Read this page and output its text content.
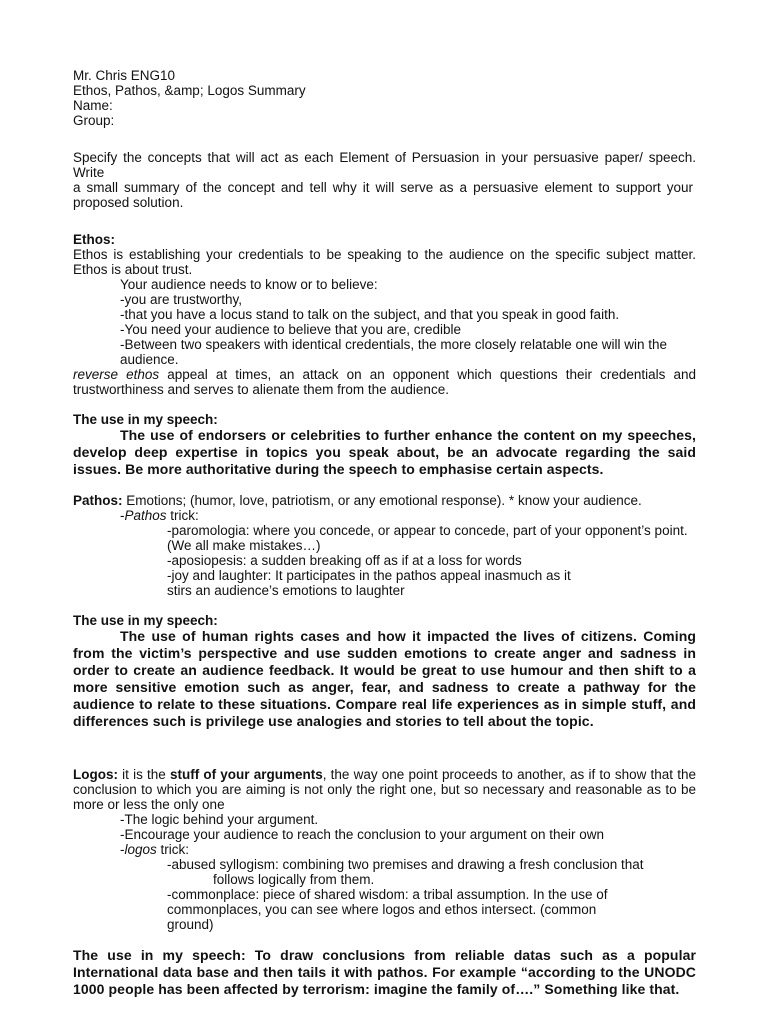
Mr. Chris ENG10

Ethos, Pathos, &amp; Logos Summary

Name:

Group:

Specify the concepts that will act as each Element of Persuasion in your persuasive paper/ speech. Write

a small summary of the concept and tell why it will serve as a persuasive element to support your proposed solution.

Ethos:

Ethos is establishing your credentials to be speaking to the audience on the specific subject matter. Ethos is about trust.

Your audience needs to know or to believe:

-you are trustworthy,

-that you have a locus stand to talk on the subject, and that you speak in good faith.

-You need your audience to believe that you are, credible

-Between two speakers with identical credentials, the more closely relatable one will win the audience.

reverse ethos appeal at times, an attack on an opponent which questions their credentials and trustworthiness and serves to alienate them from the audience.

The use in my speech:

The use of endorsers or celebrities to further enhance the content on my speeches, develop deep expertise in topics you speak about, be an advocate regarding the said issues. Be more authoritative during the speech to emphasise certain aspects.

Pathos: Emotions; (humor, love, patriotism, or any emotional response). * know your audience.

-Pathos trick:

-paromologia: where you concede, or appear to concede, part of your opponent’s point. (We all make mistakes…)

-aposiopesis: a sudden breaking off as if at a loss for words

-joy and laughter: It participates in the pathos appeal inasmuch as it stirs an audience’s emotions to laughter

The use in my speech:

The use of human rights cases and how it impacted the lives of citizens. Coming from the victim’s perspective and use sudden emotions to create anger and sadness in order to create an audience feedback. It would be great to use humour and then shift to a more sensitive emotion such as anger, fear, and sadness to create a pathway for the audience to relate to these situations. Compare real life experiences as in simple stuff, and differences such is privilege use analogies and stories to tell about the topic.

Logos: it is the stuff of your arguments, the way one point proceeds to another, as if to show that the conclusion to which you are aiming is not only the right one, but so necessary and reasonable as to be more or less the only one

-The logic behind your argument.

-Encourage your audience to reach the conclusion to your argument on their own

-logos trick:

-abused syllogism: combining two premises and drawing a fresh conclusion that

follows logically from them.

-commonplace: piece of shared wisdom: a tribal assumption. In the use of commonplaces, you can see where logos and ethos intersect. (common ground)

The use in my speech: To draw conclusions from reliable datas such as a popular International data base and then tails it with pathos. For example “according to the UNODC 1000 people has been affected by terrorism: imagine the family of….” Something like that.
